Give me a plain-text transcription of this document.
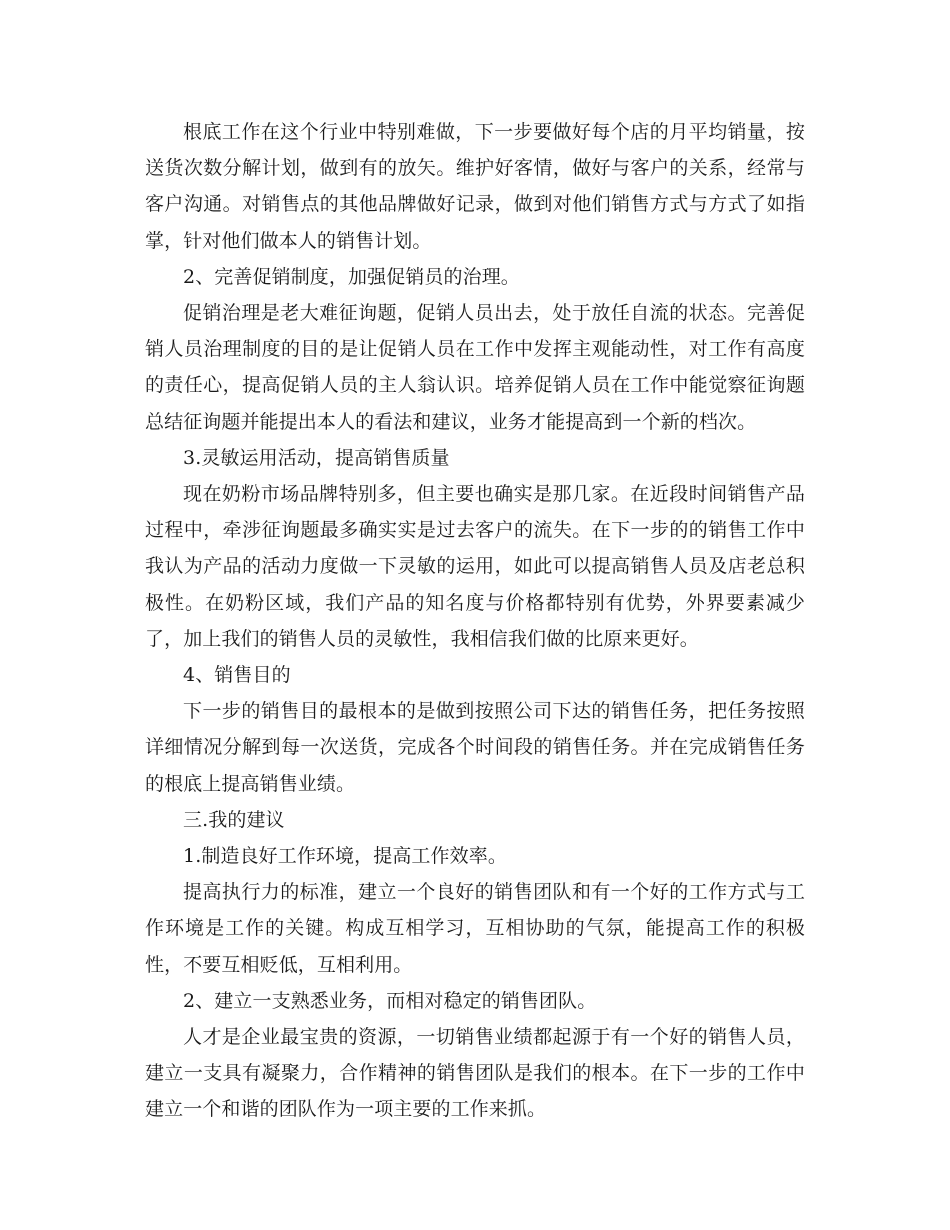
根底工作在这个行业中特别难做，下一步要做好每个店的月平均销量，按送货次数分解计划，做到有的放矢。维护好客情，做好与客户的关系，经常与客户沟通。对销售点的其他品牌做好记录，做到对他们销售方式与方式了如指掌，针对他们做本人的销售计划。

2、完善促销制度，加强促销员的治理。

促销治理是老大难征询题，促销人员出去，处于放任自流的状态。完善促销人员治理制度的目的是让促销人员在工作中发挥主观能动性，对工作有高度的责任心，提高促销人员的主人翁认识。培养促销人员在工作中能觉察征询题总结征询题并能提出本人的看法和建议，业务才能提高到一个新的档次。

3.灵敏运用活动，提高销售质量

现在奶粉市场品牌特别多，但主要也确实是那几家。在近段时间销售产品过程中，牵涉征询题最多确实实是过去客户的流失。在下一步的的销售工作中我认为产品的活动力度做一下灵敏的运用，如此可以提高销售人员及店老总积极性。在奶粉区域，我们产品的知名度与价格都特别有优势，外界要素减少了，加上我们的销售人员的灵敏性，我相信我们做的比原来更好。

4、销售目的

下一步的销售目的最根本的是做到按照公司下达的销售任务，把任务按照详细情况分解到每一次送货，完成各个时间段的销售任务。并在完成销售任务的根底上提高销售业绩。

三.我的建议

1.制造良好工作环境，提高工作效率。

提高执行力的标准，建立一个良好的销售团队和有一个好的工作方式与工作环境是工作的关键。构成互相学习，互相协助的气氛，能提高工作的积极性，不要互相贬低，互相利用。

2、建立一支熟悉业务，而相对稳定的销售团队。

人才是企业最宝贵的资源，一切销售业绩都起源于有一个好的销售人员，建立一支具有凝聚力，合作精神的销售团队是我们的根本。在下一步的工作中建立一个和谐的团队作为一项主要的工作来抓。
